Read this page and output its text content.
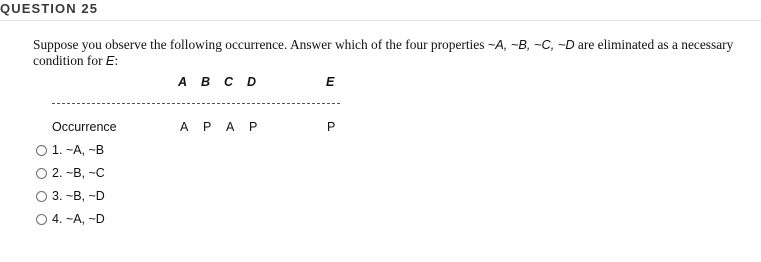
QUESTION 25
Suppose you observe the following occurrence. Answer which of the four properties ~A, ~B, ~C, ~D are eliminated as a necessary condition for E:
A B C D	E
Occurrence	A P A P	P
1. ~A, ~B
2. ~B, ~C
3. ~B, ~D
4. ~A, ~D
